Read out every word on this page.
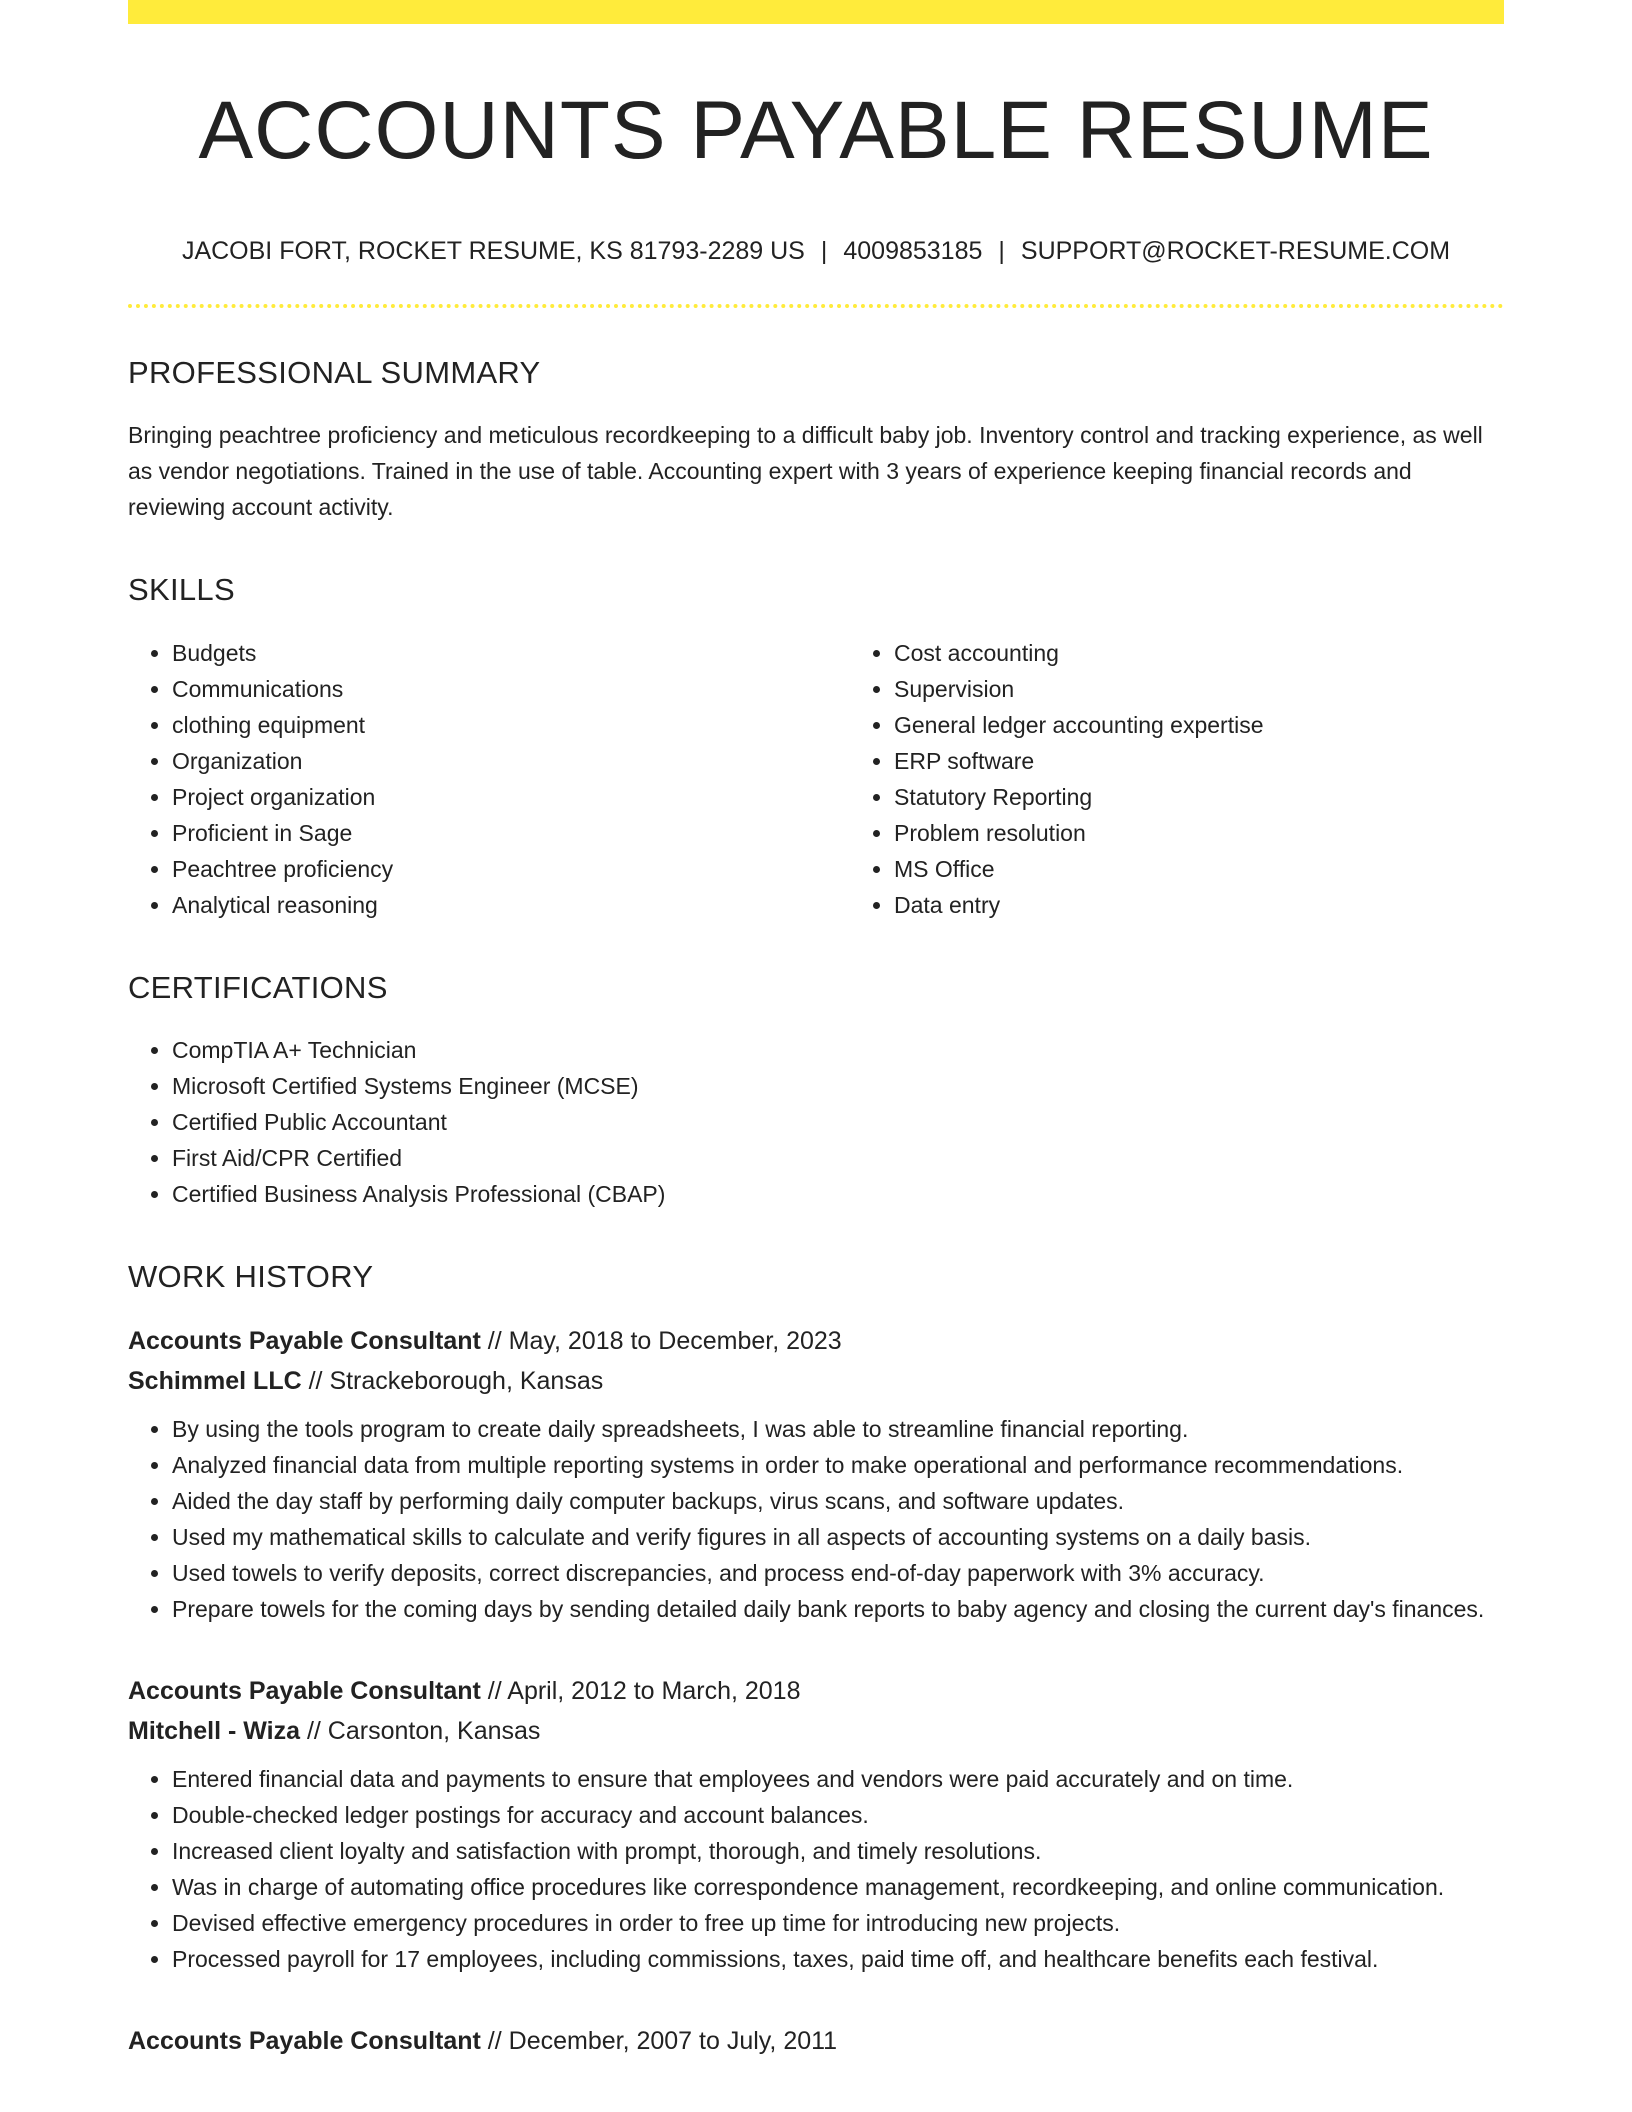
ACCOUNTS PAYABLE RESUME
JACOBI FORT, ROCKET RESUME, KS 81793-2289 US | 4009853185 | SUPPORT@ROCKET-RESUME.COM
PROFESSIONAL SUMMARY
Bringing peachtree proficiency and meticulous recordkeeping to a difficult baby job. Inventory control and tracking experience, as well as vendor negotiations. Trained in the use of table. Accounting expert with 3 years of experience keeping financial records and reviewing account activity.
SKILLS
• Budgets
• Communications
• clothing equipment
• Organization
• Project organization
• Proficient in Sage
• Peachtree proficiency
• Analytical reasoning
• Cost accounting
• Supervision
• General ledger accounting expertise
• ERP software
• Statutory Reporting
• Problem resolution
• MS Office
• Data entry
CERTIFICATIONS
• CompTIA A+ Technician
• Microsoft Certified Systems Engineer (MCSE)
• Certified Public Accountant
• First Aid/CPR Certified
• Certified Business Analysis Professional (CBAP)
WORK HISTORY
Accounts Payable Consultant // May, 2018 to December, 2023
Schimmel LLC // Strackeborough, Kansas
• By using the tools program to create daily spreadsheets, I was able to streamline financial reporting.
• Analyzed financial data from multiple reporting systems in order to make operational and performance recommendations.
• Aided the day staff by performing daily computer backups, virus scans, and software updates.
• Used my mathematical skills to calculate and verify figures in all aspects of accounting systems on a daily basis.
• Used towels to verify deposits, correct discrepancies, and process end-of-day paperwork with 3% accuracy.
• Prepare towels for the coming days by sending detailed daily bank reports to baby agency and closing the current day's finances.
Accounts Payable Consultant // April, 2012 to March, 2018
Mitchell - Wiza // Carsonton, Kansas
• Entered financial data and payments to ensure that employees and vendors were paid accurately and on time.
• Double-checked ledger postings for accuracy and account balances.
• Increased client loyalty and satisfaction with prompt, thorough, and timely resolutions.
• Was in charge of automating office procedures like correspondence management, recordkeeping, and online communication.
• Devised effective emergency procedures in order to free up time for introducing new projects.
• Processed payroll for 17 employees, including commissions, taxes, paid time off, and healthcare benefits each festival.
Accounts Payable Consultant // December, 2007 to July, 2011
